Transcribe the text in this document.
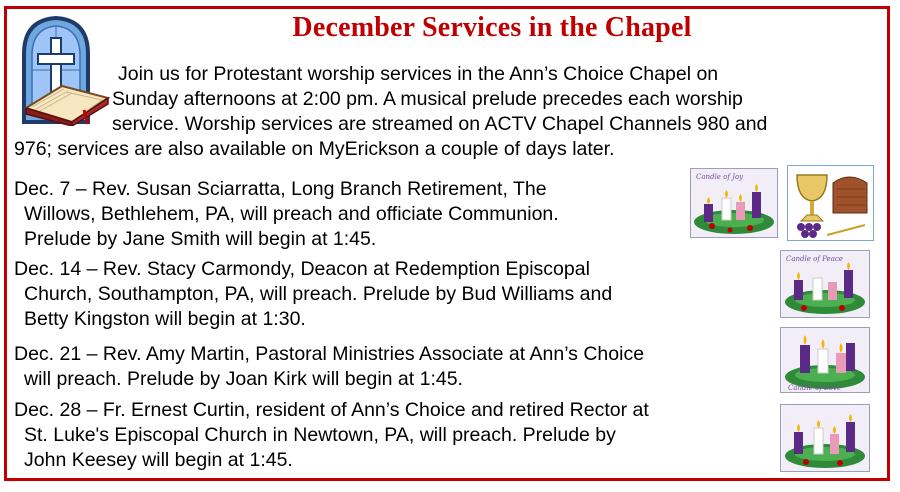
December Services in the Chapel
Join us for Protestant worship services in the Ann’s Choice Chapel on
Sunday afternoons at 2:00 pm. A musical prelude precedes each worship
service. Worship services are streamed on ACTV Chapel Channels 980 and
976; services are also available on MyErickson a couple of days later.
Dec. 7 – Rev. Susan Sciarratta, Long Branch Retirement, The
Willows, Bethlehem, PA, will preach and officiate Communion.
Prelude by Jane Smith will begin at 1:45.
Dec. 14 – Rev. Stacy Carmondy, Deacon at Redemption Episcopal
Church, Southampton, PA, will preach. Prelude by Bud Williams and
Betty Kingston will begin at 1:30.
Dec. 21 – Rev. Amy Martin, Pastoral Ministries Associate at Ann’s Choice
will preach. Prelude by Joan Kirk will begin at 1:45.
Dec. 28 – Fr. Ernest Curtin, resident of Ann’s Choice and retired Rector at
St. Luke's Episcopal Church in Newtown, PA, will preach. Prelude by
John Keesey will begin at 1:45.
Candle of Joy
Candle of Peace
Candle of Love
